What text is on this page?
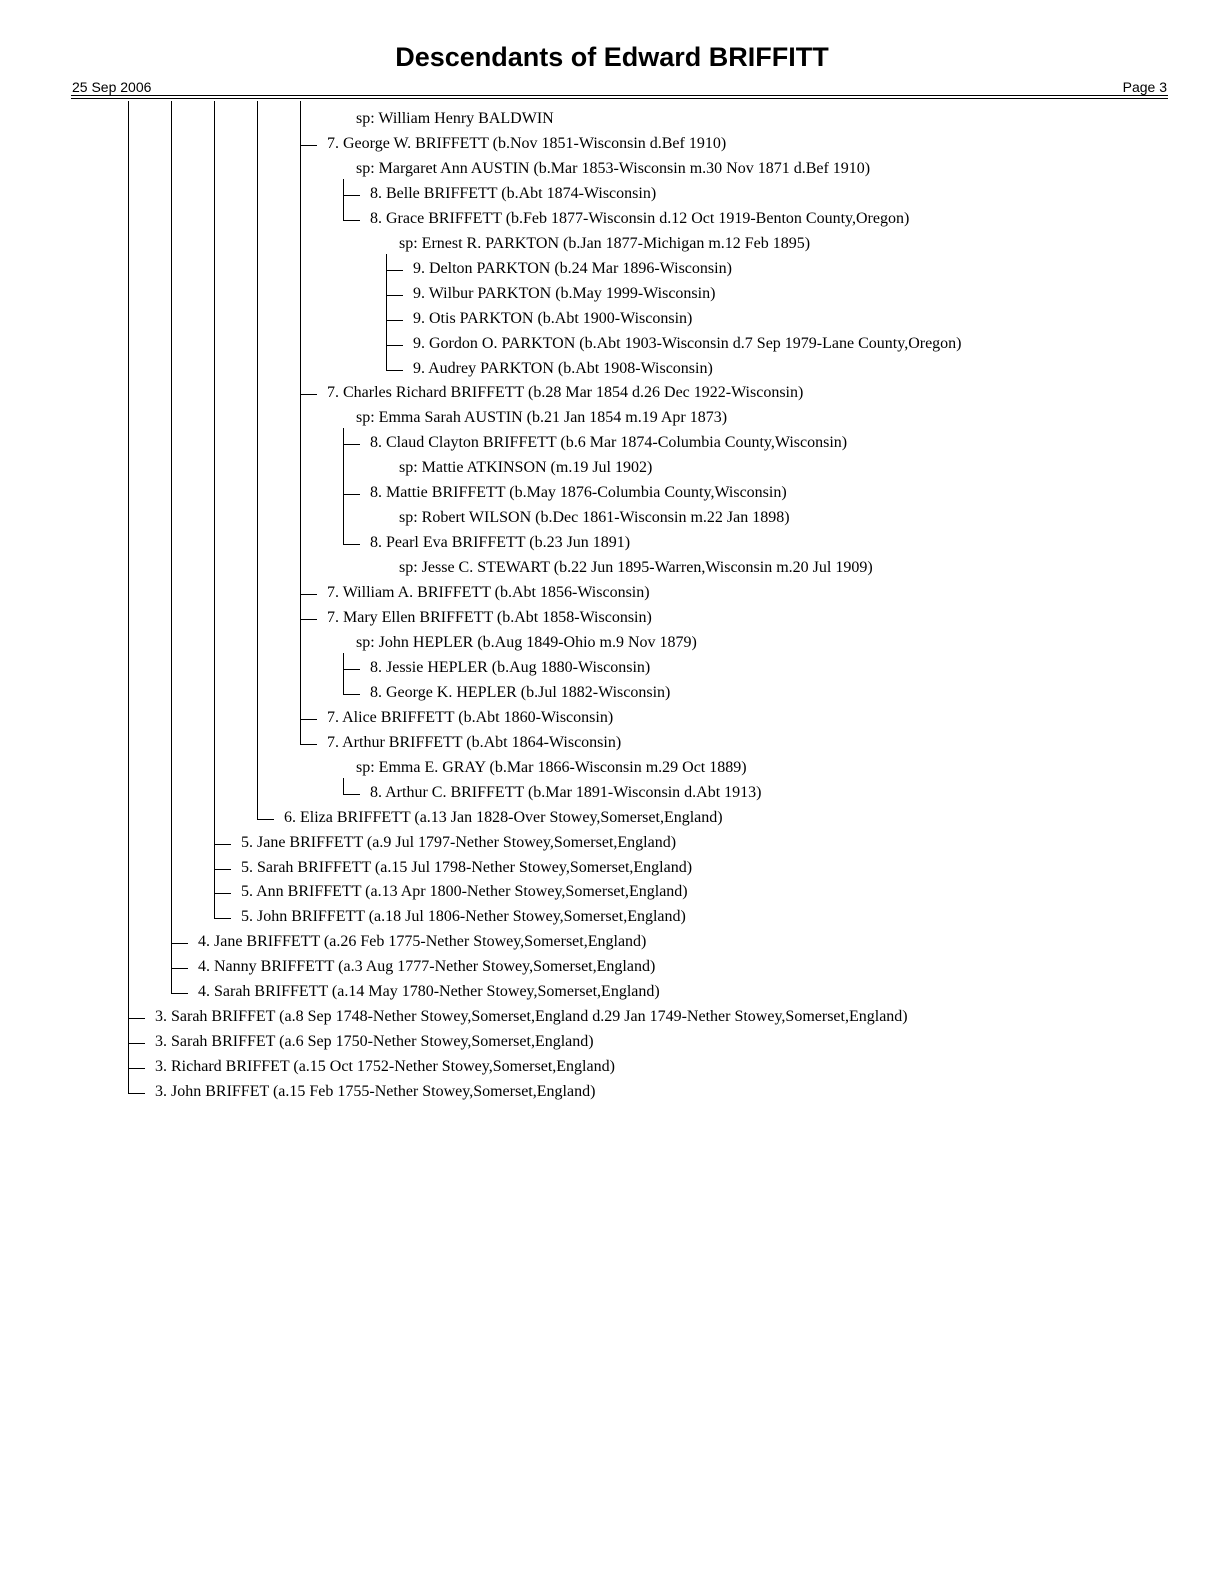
Descendants of Edward BRIFFITT
25 Sep 2006	Page 3
sp: William Henry BALDWIN
7. George W. BRIFFETT (b.Nov 1851-Wisconsin d.Bef 1910)
sp: Margaret Ann AUSTIN (b.Mar 1853-Wisconsin m.30 Nov 1871 d.Bef 1910)
8. Belle BRIFFETT (b.Abt 1874-Wisconsin)
8. Grace BRIFFETT (b.Feb 1877-Wisconsin d.12 Oct 1919-Benton County,Oregon)
sp: Ernest R. PARKTON (b.Jan 1877-Michigan m.12 Feb 1895)
9. Delton PARKTON (b.24 Mar 1896-Wisconsin)
9. Wilbur PARKTON (b.May 1999-Wisconsin)
9. Otis PARKTON (b.Abt 1900-Wisconsin)
9. Gordon O. PARKTON (b.Abt 1903-Wisconsin d.7 Sep 1979-Lane County,Oregon)
9. Audrey PARKTON (b.Abt 1908-Wisconsin)
7. Charles Richard BRIFFETT (b.28 Mar 1854 d.26 Dec 1922-Wisconsin)
sp: Emma Sarah AUSTIN (b.21 Jan 1854 m.19 Apr 1873)
8. Claud Clayton BRIFFETT (b.6 Mar 1874-Columbia County,Wisconsin)
sp: Mattie ATKINSON (m.19 Jul 1902)
8. Mattie BRIFFETT (b.May 1876-Columbia County,Wisconsin)
sp: Robert WILSON (b.Dec 1861-Wisconsin m.22 Jan 1898)
8. Pearl Eva BRIFFETT (b.23 Jun 1891)
sp: Jesse C. STEWART (b.22 Jun 1895-Warren,Wisconsin m.20 Jul 1909)
7. William A. BRIFFETT (b.Abt 1856-Wisconsin)
7. Mary Ellen BRIFFETT (b.Abt 1858-Wisconsin)
sp: John HEPLER (b.Aug 1849-Ohio m.9 Nov 1879)
8. Jessie HEPLER (b.Aug 1880-Wisconsin)
8. George K. HEPLER (b.Jul 1882-Wisconsin)
7. Alice BRIFFETT (b.Abt 1860-Wisconsin)
7. Arthur BRIFFETT (b.Abt 1864-Wisconsin)
sp: Emma E. GRAY (b.Mar 1866-Wisconsin m.29 Oct 1889)
8. Arthur C. BRIFFETT (b.Mar 1891-Wisconsin d.Abt 1913)
6. Eliza BRIFFETT (a.13 Jan 1828-Over Stowey,Somerset,England)
5. Jane BRIFFETT (a.9 Jul 1797-Nether Stowey,Somerset,England)
5. Sarah BRIFFETT (a.15 Jul 1798-Nether Stowey,Somerset,England)
5. Ann BRIFFETT (a.13 Apr 1800-Nether Stowey,Somerset,England)
5. John BRIFFETT (a.18 Jul 1806-Nether Stowey,Somerset,England)
4. Jane BRIFFETT (a.26 Feb 1775-Nether Stowey,Somerset,England)
4. Nanny BRIFFETT (a.3 Aug 1777-Nether Stowey,Somerset,England)
4. Sarah BRIFFETT (a.14 May 1780-Nether Stowey,Somerset,England)
3. Sarah BRIFFET (a.8 Sep 1748-Nether Stowey,Somerset,England d.29 Jan 1749-Nether Stowey,Somerset,England)
3. Sarah BRIFFET (a.6 Sep 1750-Nether Stowey,Somerset,England)
3. Richard BRIFFET (a.15 Oct 1752-Nether Stowey,Somerset,England)
3. John BRIFFET (a.15 Feb 1755-Nether Stowey,Somerset,England)
